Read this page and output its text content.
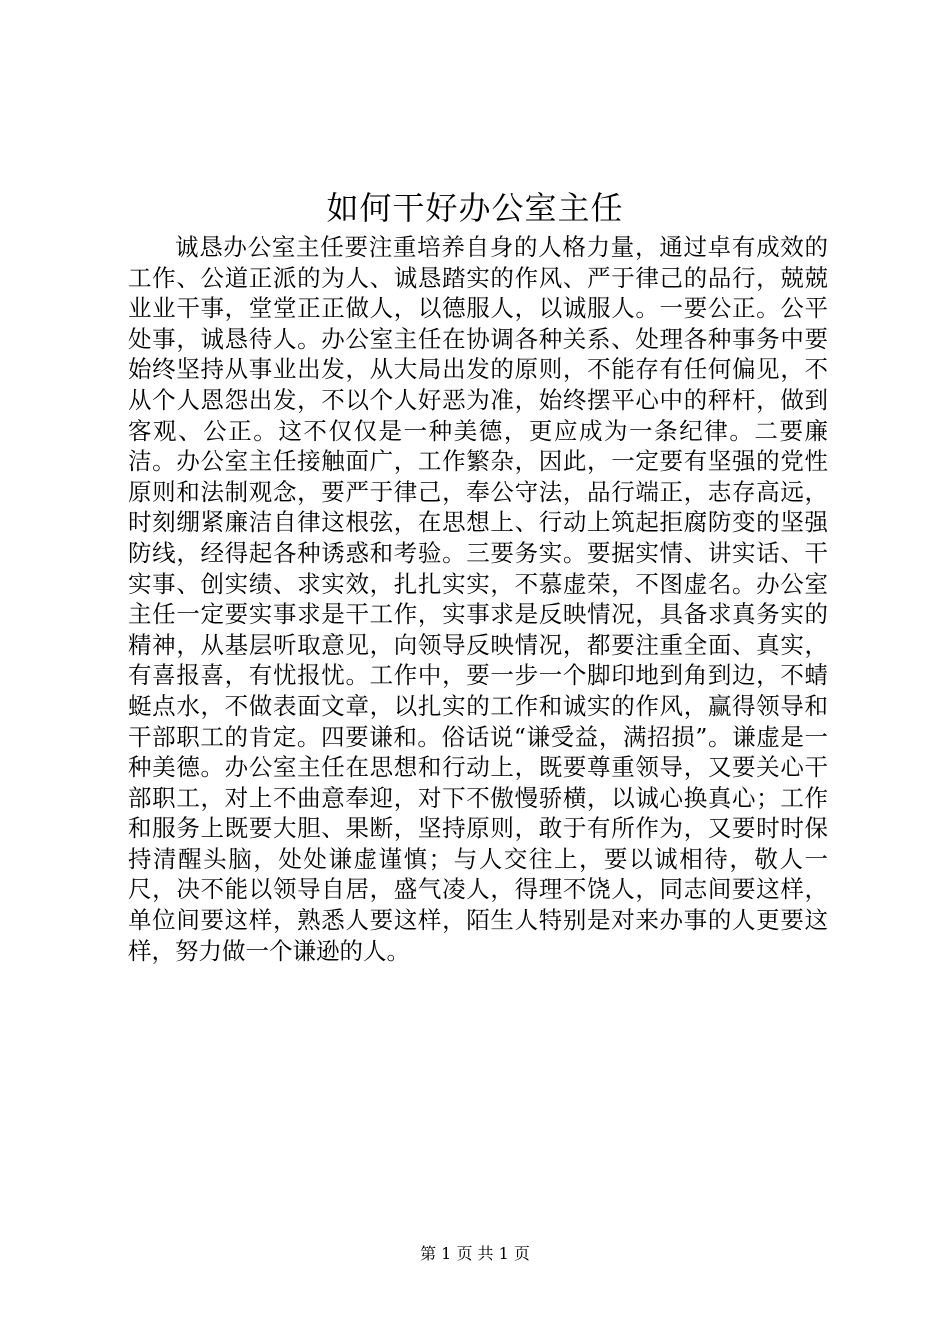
如何干好办公室主任

诚恳办公室主任要注重培养自身的人格力量，通过卓有成效的工作、公道正派的为人、诚恳踏实的作风、严于律己的品行，兢兢业业干事，堂堂正正做人，以德服人，以诚服人。一要公正。公平处事，诚恳待人。办公室主任在协调各种关系、处理各种事务中要始终坚持从事业出发，从大局出发的原则，不能存有任何偏见，不从个人恩怨出发，不以个人好恶为准，始终摆平心中的秤杆，做到客观、公正。这不仅仅是一种美德，更应成为一条纪律。二要廉洁。办公室主任接触面广，工作繁杂，因此，一定要有坚强的党性原则和法制观念，要严于律己，奉公守法，品行端正，志存高远，时刻绷紧廉洁自律这根弦，在思想上、行动上筑起拒腐防变的坚强防线，经得起各种诱惑和考验。三要务实。要据实情、讲实话、干实事、创实绩、求实效，扎扎实实，不慕虚荣，不图虚名。办公室主任一定要实事求是干工作，实事求是反映情况，具备求真务实的精神，从基层听取意见，向领导反映情况，都要注重全面、真实，有喜报喜，有忧报忧。工作中，要一步一个脚印地到角到边，不蜻蜓点水，不做表面文章，以扎实的工作和诚实的作风，赢得领导和干部职工的肯定。四要谦和。俗话说“谦受益，满招损”。谦虚是一种美德。办公室主任在思想和行动上，既要尊重领导，又要关心干部职工，对上不曲意奉迎，对下不傲慢骄横，以诚心换真心；工作和服务上既要大胆、果断，坚持原则，敢于有所作为，又要时时保持清醒头脑，处处谦虚谨慎；与人交往上，要以诚相待，敬人一尺，决不能以领导自居，盛气凌人，得理不饶人，同志间要这样，单位间要这样，熟悉人要这样，陌生人特别是对来办事的人更要这样，努力做一个谦逊的人。

第 1 页 共 1 页
